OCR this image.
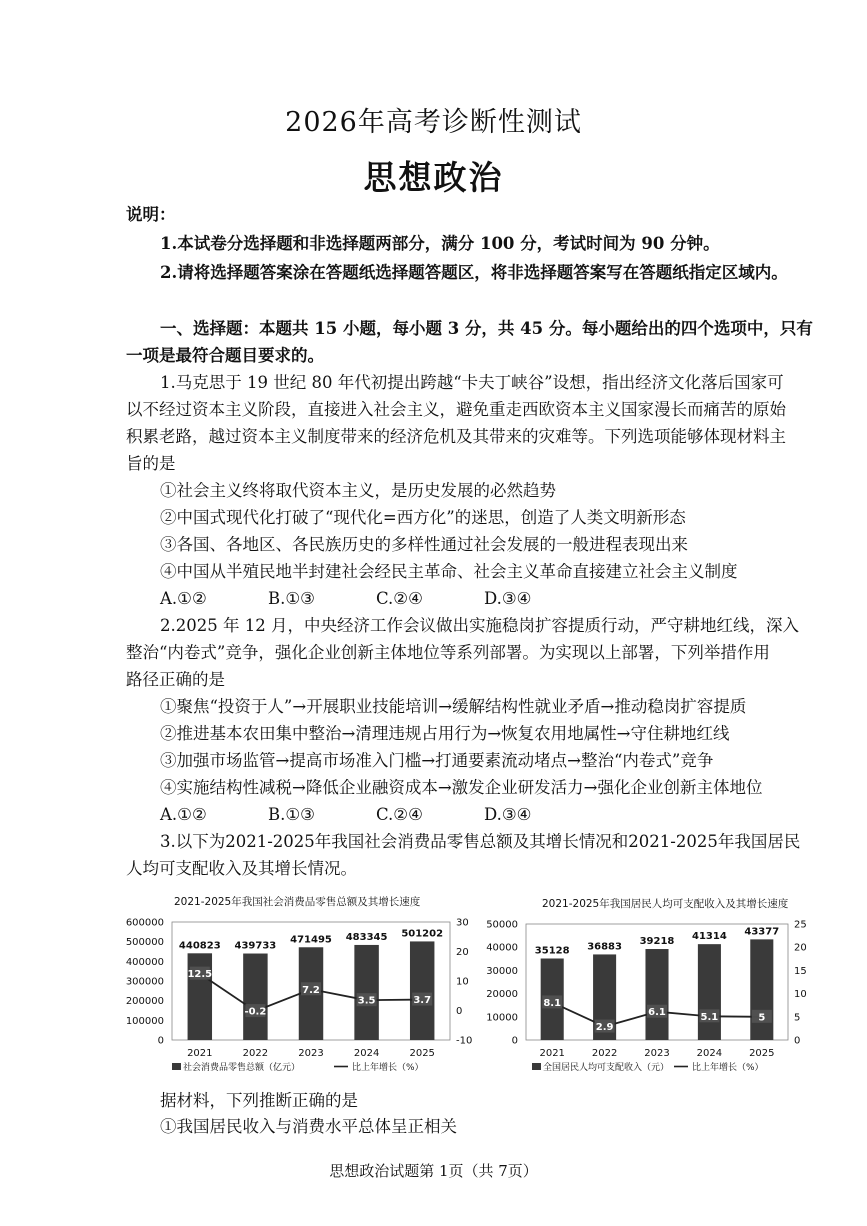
2026年高考诊断性测试
思想政治
说明：
1.本试卷分选择题和非选择题两部分，满分 100 分，考试时间为 90 分钟。
2.请将选择题答案涂在答题纸选择题答题区，将非选择题答案写在答题纸指定区域内。
一、选择题：本题共 15 小题，每小题 3 分，共 45 分。每小题给出的四个选项中，只有
一项是最符合题目要求的。
1.马克思于 19 世纪 80 年代初提出跨越“卡夫丁峡谷”设想，指出经济文化落后国家可
以不经过资本主义阶段，直接进入社会主义，避免重走西欧资本主义国家漫长而痛苦的原始
积累老路，越过资本主义制度带来的经济危机及其带来的灾难等。下列选项能够体现材料主
旨的是
①社会主义终将取代资本主义，是历史发展的必然趋势
②中国式现代化打破了“现代化=西方化”的迷思，创造了人类文明新形态
③各国、各地区、各民族历史的多样性通过社会发展的一般进程表现出来
④中国从半殖民地半封建社会经民主革命、社会主义革命直接建立社会主义制度
A.①②	B.①③	C.②④	D.③④
2.2025 年 12 月，中央经济工作会议做出实施稳岗扩容提质行动，严守耕地红线，深入
整治“内卷式”竞争，强化企业创新主体地位等系列部署。为实现以上部署，下列举措作用
路径正确的是
①聚焦“投资于人”→开展职业技能培训→缓解结构性就业矛盾→推动稳岗扩容提质
②推进基本农田集中整治→清理违规占用行为→恢复农用地属性→守住耕地红线
③加强市场监管→提高市场准入门槛→打通要素流动堵点→整治“内卷式”竞争
④实施结构性减税→降低企业融资成本→激发企业研发活力→强化企业创新主体地位
A.①②	B.①③	C.②④	D.③④
3.以下为2021-2025年我国社会消费品零售总额及其增长情况和2021-2025年我国居民
人均可支配收入及其增长情况。
2021-2025年我国社会消费品零售总额及其增长速度
600000
500000
400000
300000
200000
100000
0
30
20
10
0
-10
440823
2021
439733
2022
471495
2023
483345
2024
501202
2025
12.5
-0.2
7.2
3.5	3.7
社会消费品零售总额（亿元）	比上年增长（%）
2021-2025年我国居民人均可支配收入及其增长速度
50000
40000
30000
20000
10000
0
25
20
15
10
5
0
35128
2021
36883
2022
39218
2023
41314
2024
43377
2025
8.1
2.9
6.1	5.1	5
全国居民人均可支配收入（元）	比上年增长（%）
据材料，下列推断正确的是
①我国居民收入与消费水平总体呈正相关
思想政治试题第 1页（共 7页）
